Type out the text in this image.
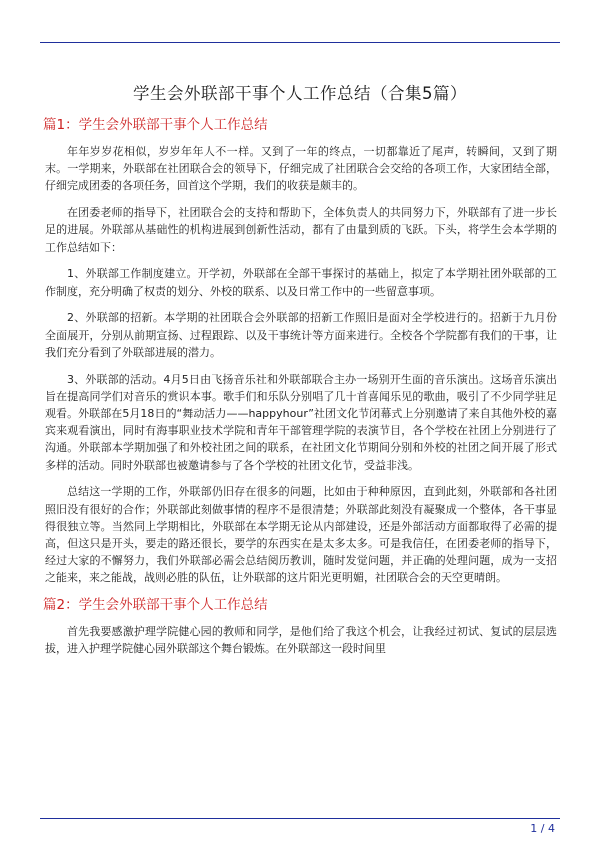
学生会外联部干事个人工作总结（合集5篇）
篇1：学生会外联部干事个人工作总结

年年岁岁花相似，岁岁年年人不一样。又到了一年的终点，一切都靠近了尾声，转瞬间，又到了期末。一学期来，外联部在社团联合会的领导下，仔细完成了社团联合会交给的各项工作，大家团结全部，仔细完成团委的各项任务，回首这个学期，我们的收获是颇丰的。

在团委老师的指导下，社团联合会的支持和帮助下，全体负责人的共同努力下，外联部有了进一步长足的进展。外联部从基础性的机构进展到创新性活动，都有了由量到质的飞跃。下头，将学生会本学期的工作总结如下：

1、外联部工作制度建立。开学初，外联部在全部干事探讨的基础上，拟定了本学期社团外联部的工作制度，充分明确了权责的划分、外校的联系、以及日常工作中的一些留意事项。

2、外联部的招新。本学期的社团联合会外联部的招新工作照旧是面对全学校进行的。招新于九月份全面展开，分别从前期宣扬、过程跟踪、以及干事统计等方面来进行。全校各个学院都有我们的干事，让我们充分看到了外联部进展的潜力。

3、外联部的活动。4月5日由飞扬音乐社和外联部联合主办一场别开生面的音乐演出。这场音乐演出旨在提高同学们对音乐的赏识本事。歌手们和乐队分别唱了几十首喜闻乐见的歌曲，吸引了不少同学驻足观看。外联部在5月18日的“舞动活力——happyhour”社团文化节闭幕式上分别邀请了来自其他外校的嘉宾来观看演出，同时有海事职业技术学院和青年干部管理学院的表演节目，各个学校在社团上分别进行了沟通。外联部本学期加强了和外校社团之间的联系，在社团文化节期间分别和外校的社团之间开展了形式多样的活动。同时外联部也被邀请参与了各个学校的社团文化节，受益非浅。

总结这一学期的工作，外联部仍旧存在很多的问题，比如由于种种原因，直到此刻，外联部和各社团照旧没有很好的合作；外联部此刻做事情的程序不是很清楚；外联部此刻没有凝聚成一个整体，各干事显得很独立等。当然同上学期相比，外联部在本学期无论从内部建设，还是外部活动方面都取得了必需的提高，但这只是开头，要走的路还很长，要学的东西实在是太多太多。可是我信任，在团委老师的指导下，经过大家的不懈努力，我们外联部必需会总结阅历教训，随时发觉问题，并正确的处理问题，成为一支招之能来，来之能战，战则必胜的队伍，让外联部的这片阳光更明媚，社团联合会的天空更晴朗。

篇2：学生会外联部干事个人工作总结

首先我要感激护理学院健心园的教师和同学，是他们给了我这个机会，让我经过初试、复试的层层选拔，进入护理学院健心园外联部这个舞台锻炼。在外联部这一段时间里

1 / 4
